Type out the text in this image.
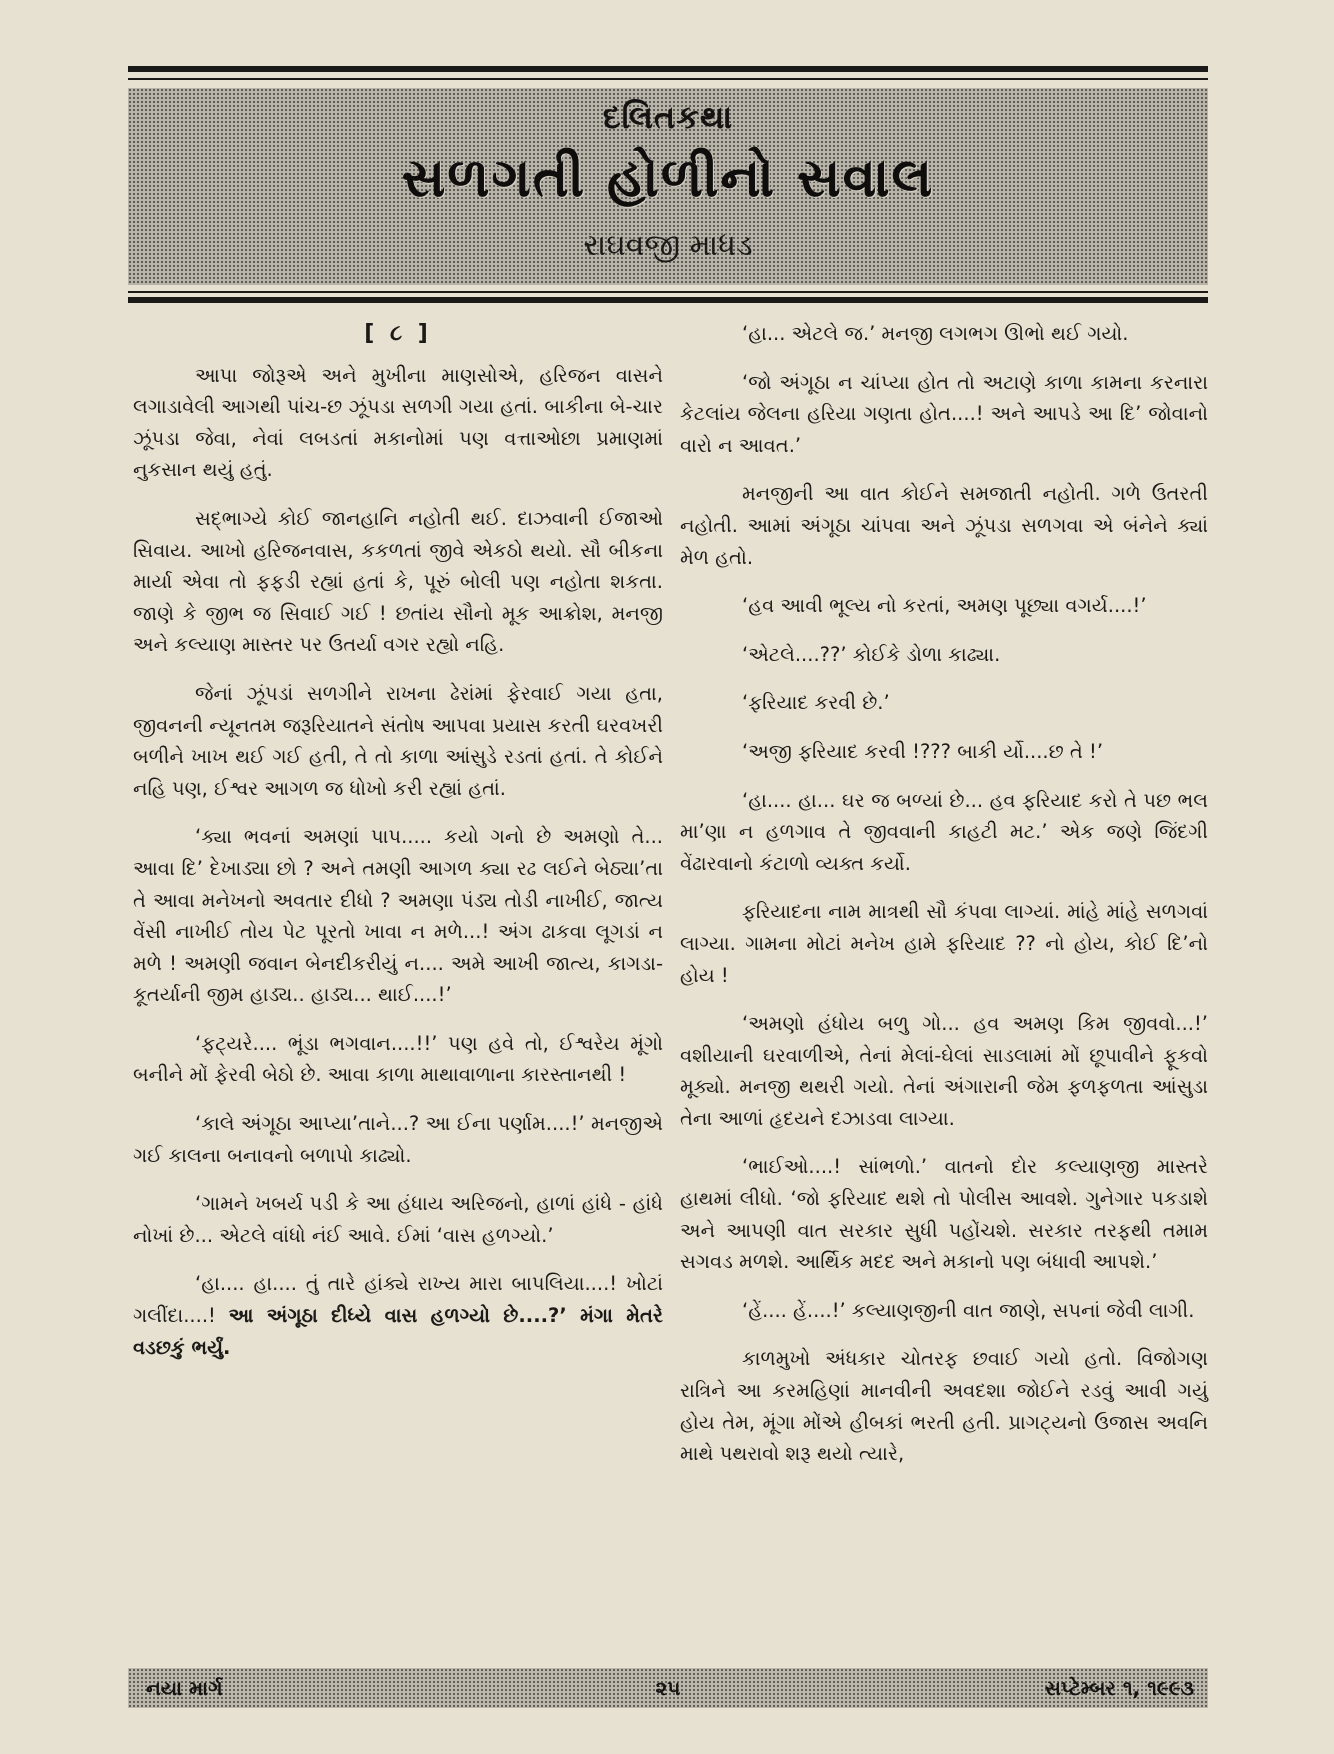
દલિતકથા
સળગતી હોળીનો સવાલ
રાઘવજી માધડ
[ ૮ ]

આપા જોરૂએ અને મુખીના માણસોએ, હરિજન વાસને લગાડાવેલી આગથી પાંચ-છ ઝૂંપડા સળગી ગયા હતાં. બાકીના બે-ચાર ઝૂંપડા જેવા, નેવાં લબડતાં મકાનોમાં પણ વત્તાઓછા પ્રમાણમાં નુકસાન થયું હતું.

સદ્ભાગ્યે કોઈ જાનહાનિ નહોતી થઈ. દાઝવાની ઈજાઓ સિવાય. આખો હરિજનવાસ, કકળતાં જીવે એકઠો થયો. સૌ બીકના માર્યા એવા તો ફફડી રહ્યાં હતાં કે, પૂરું બોલી પણ નહોતા શકતા. જાણે કે જીભ જ સિવાઈ ગઈ ! છતાંય સૌનો મૂક આક્રોશ, મનજી અને કલ્યાણ માસ્તર પર ઉતર્યા વગર રહ્યો નહિ.

જેનાં ઝૂંપડાં સળગીને રાખના ઢેરાંમાં ફેરવાઈ ગયા હતા, જીવનની ન્યૂનતમ જરૂરિયાતને સંતોષ આપવા પ્રયાસ કરતી ઘરવખરી બળીને ખાખ થઈ ગઈ હતી, તે તો કાળા આંસુડે રડતાં હતાં. તે કોઈને નહિ પણ, ઈશ્વર આગળ જ ધોખો કરી રહ્યાં હતાં.

‘ક્યા ભવનાં અમણાં પાપ..... કયો ગનો છે અમણો તે... આવા દિ’ દેખાડ્યા છો ? અને તમણી આગળ ક્યા રઢ લઈને બેઠ્યા’તા તે આવા મનેખનો અવતાર દીધો ? અમણા પંડ્ય તોડી નાખીઈ, જાત્ય વેંસી નાખીઈ તોય પેટ પૂરતો ખાવા ન મળે...! અંગ ઢાકવા લૂગડાં ન મળે ! અમણી જવાન બેનદીકરીયું ન.... અમે આખી જાત્ય, કાગડા-કૂતર્યાની જીમ હાડ્ય.. હાડ્ય... થાઈ....!’

‘ફટ્યરે.... ભૂંડા ભગવાન....!!’ પણ હવે તો, ઈશ્વરેય મૂંગો બનીને મોં ફેરવી બેઠો છે. આવા કાળા માથાવાળાના કારસ્તાનથી !

‘કાલે અંગૂઠા આપ્યા’તાને...? આ ઈના પર્ણામ....!’ મનજીએ ગઈ કાલના બનાવનો બળાપો કાઢ્યો.

‘ગામને ખબર્ય પડી કે આ હંધાય અરિજનો, હાળાં હાંધે - હાંધે નોખાં છે... એટલે વાંધો નંઈ આવે. ઈમાં ‘વાસ હળગ્યો.’

‘હા.... હા.... તું તારે હાંક્યે રાખ્ય મારા બાપલિયા....! ખોટાં ગલીંદા....! આ અંગૂઠા દીધ્યે વાસ હળગ્યો છે....?’ મંગા મેતરે વડછકું ભર્યું.

‘હા... એટલે જ.’ મનજી લગભગ ઊભો થઈ ગયો.

‘જો અંગૂઠા ન ચાંપ્યા હોત તો અટાણે કાળા કામના કરનારા કેટલાંય જેલના હરિયા ગણતા હોત....! અને આપડે આ દિ’ જોવાનો વારો ન આવત.’

મનજીની આ વાત કોઈને સમજાતી નહોતી. ગળે ઉતરતી નહોતી. આમાં અંગૂઠા ચાંપવા અને ઝૂંપડા સળગવા એ બંનેને ક્યાં મેળ હતો.

‘હવ આવી ભૂલ્ય નો કરતાં, અમણ પૂછ્યા વગર્ય....!’

‘એટલે....??’ કોઈકે ડોળા કાઢ્યા.

‘ફરિયાદ કરવી છે.’

‘અજી ફરિયાદ કરવી !??? બાકી ર્યો....છ તે !’

‘હા.... હા... ઘર જ બળ્યાં છે... હવ ફરિયાદ કરો તે પછ ભલ મા’ણા ન હળગાવ તે જીવવાની કાહટી મટ.’ એક જણે જિંદગી વેંઢારવાનો કંટાળો વ્યક્ત કર્યો.

ફરિયાદના નામ માત્રથી સૌ કંપવા લાગ્યાં. માંહે માંહે સળગવાં લાગ્યા. ગામના મોટાં મનેખ હામે ફરિયાદ ?? નો હોય, કોઈ દિ’નો હોય !

‘અમણો હંધોય બળુ ગો... હવ અમણ કિમ જીવવો...!’ વશીયાની ઘરવાળીએ, તેનાં મેલાં-ઘેલાં સાડલામાં મોં છૂપાવીને ફૂકવો મૂક્યો. મનજી થથરી ગયો. તેનાં અંગારાની જેમ ફળફળતા આંસુડા તેના આળાં હૃદયને દઝાડવા લાગ્યા.

‘ભાઈઓ....! સાંભળો.’ વાતનો દોર કલ્યાણજી માસ્તરે હાથમાં લીધો. ‘જો ફરિયાદ થશે તો પોલીસ આવશે. ગુનેગાર પકડાશે અને આપણી વાત સરકાર સુધી પહોંચશે. સરકાર તરફથી તમામ સગવડ મળશે. આર્થિક મદદ અને મકાનો પણ બંધાવી આપશે.’

‘હેં.... હેં....!’ કલ્યાણજીની વાત જાણે, સપનાં જેવી લાગી.

કાળમુખો અંધકાર ચોતરફ છવાઈ ગયો હતો. વિજોગણ રાત્રિને આ કરમહિણાં માનવીની અવદશા જોઈને રડવું આવી ગયું હોય તેમ, મૂંગા મોંએ હીબકાં ભરતી હતી. પ્રાગટ્યનો ઉજાસ અવનિ માથે પથરાવો શરૂ થયો ત્યારે,

નયા માર્ગ	૨૫	સપ્ટેમ્બર ૧, ૧૯૯૩
